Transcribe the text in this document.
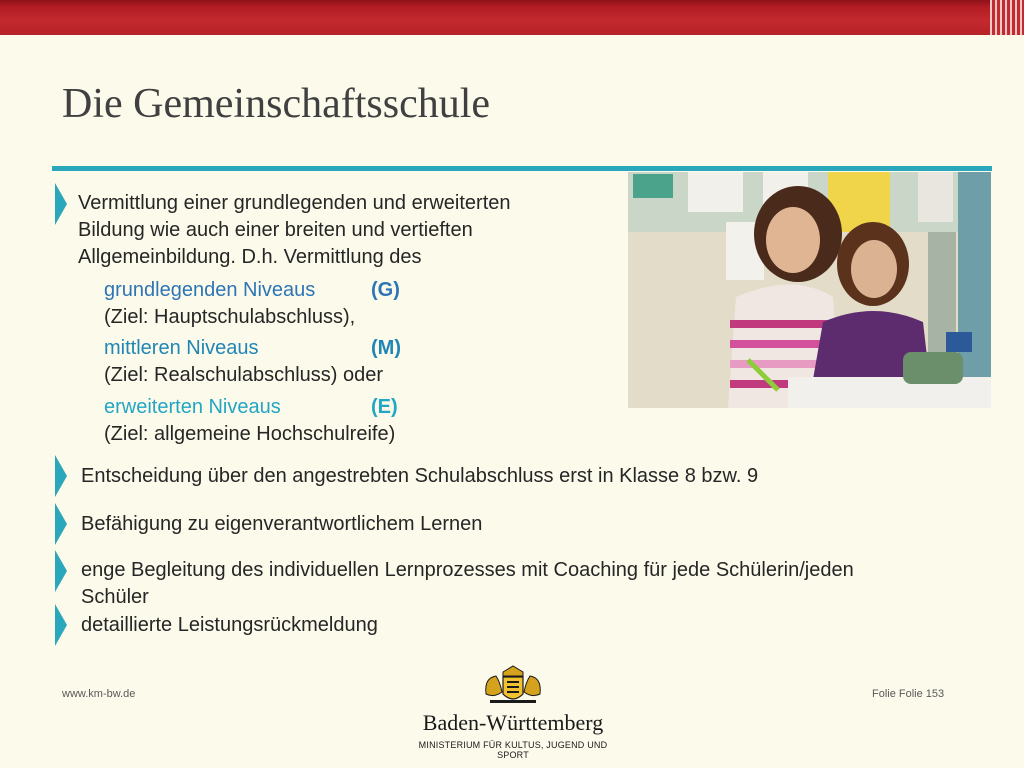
Die Gemeinschaftsschule
Vermittlung einer grundlegenden und erweiterten
Bildung wie auch einer breiten und vertieften
Allgemeinbildung. D.h. Vermittlung des
grundlegenden Niveaus	(G)
(Ziel: Hauptschulabschluss),
mittleren Niveaus	(M)
(Ziel: Realschulabschluss) oder
erweiterten Niveaus	(E)
(Ziel: allgemeine Hochschulreife)
Entscheidung über den angestrebten Schulabschluss erst in Klasse 8 bzw. 9
Befähigung zu eigenverantwortlichem Lernen
enge Begleitung des individuellen Lernprozesses mit Coaching für jede Schülerin/jeden
Schüler
detaillierte Leistungsrückmeldung
www.km-bw.de	Folie Folie 153
Baden-Württemberg
MINISTERIUM FÜR KULTUS, JUGEND UND SPORT
